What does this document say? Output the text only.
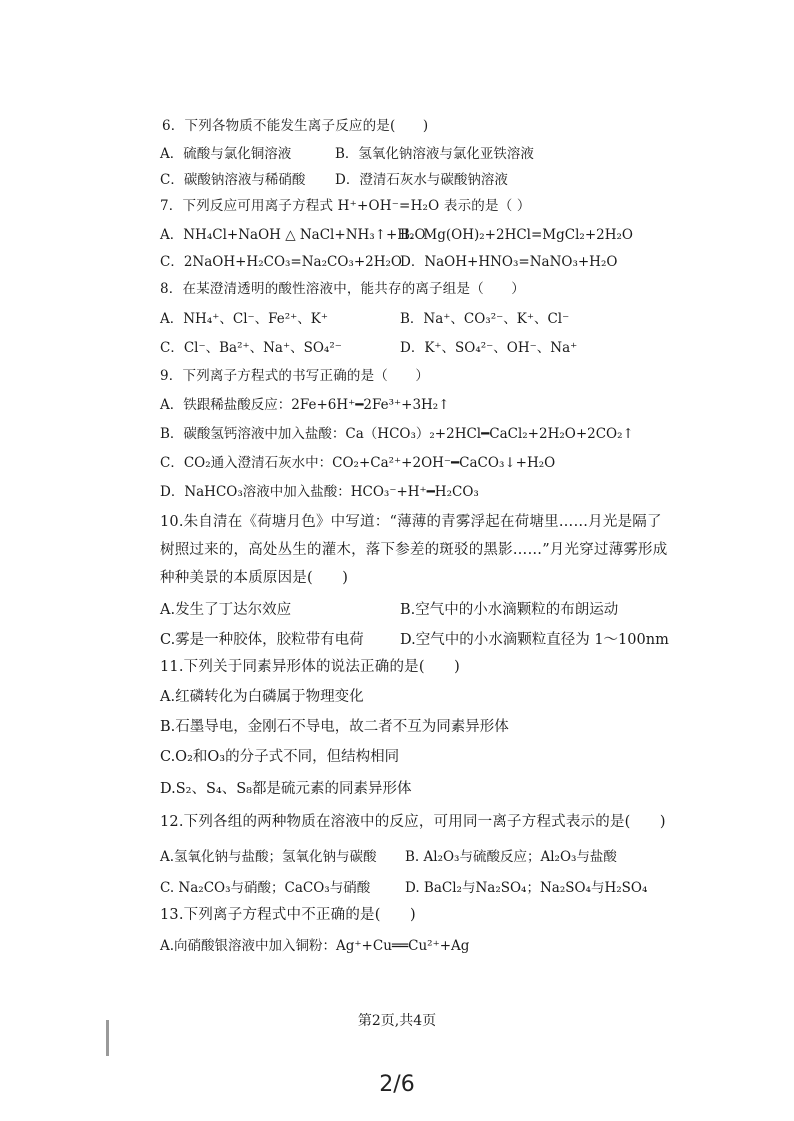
6．下列各物质不能发生离子反应的是(　　)
A．硫酸与氯化铜溶液	B．氢氧化钠溶液与氯化亚铁溶液
C．碳酸钠溶液与稀硝酸 D．澄清石灰水与碳酸钠溶液
7．下列反应可用离子方程式 H⁺+OH⁻=H₂O 表示的是（ ）
A．NH₄Cl+NaOH △ NaCl+NH₃↑+H₂O
B．Mg(OH)₂+2HCl=MgCl₂+2H₂O
C．2NaOH+H₂CO₃=Na₂CO₃+2H₂O
D．NaOH+HNO₃=NaNO₃+H₂O
8．在某澄清透明的酸性溶液中，能共存的离子组是（　　）
A．NH₄⁺、Cl⁻、Fe²⁺、K⁺	B．Na⁺、CO₃²⁻、K⁺、Cl⁻
C．Cl⁻、Ba²⁺、Na⁺、SO₄²⁻	D．K⁺、SO₄²⁻、OH⁻、Na⁺
9．下列离子方程式的书写正确的是（　　）
A．铁跟稀盐酸反应：2Fe+6H⁺━2Fe³⁺+3H₂↑
B．碳酸氢钙溶液中加入盐酸：Ca（HCO₃）₂+2HCl━CaCl₂+2H₂O+2CO₂↑
C．CO₂通入澄清石灰水中：CO₂+Ca²⁺+2OH⁻━CaCO₃↓+H₂O
D．NaHCO₃溶液中加入盐酸：HCO₃⁻+H⁺━H₂CO₃
10.朱自清在《荷塘月色》中写道：“薄薄的青雾浮起在荷塘里……月光是隔了
树照过来的，高处丛生的灌木，落下参差的斑驳的黑影……”月光穿过薄雾形成
种种美景的本质原因是(　　)
A.发生了丁达尔效应	B.空气中的小水滴颗粒的布朗运动
C.雾是一种胶体，胶粒带有电荷	D.空气中的小水滴颗粒直径为 1～100nm
11.下列关于同素异形体的说法正确的是(　　)
A.红磷转化为白磷属于物理变化
B.石墨导电，金刚石不导电，故二者不互为同素异形体
C.O₂和O₃的分子式不同，但结构相同
D.S₂、S₄、S₈都是硫元素的同素异形体
12.下列各组的两种物质在溶液中的反应，可用同一离子方程式表示的是(　　)
A.氢氧化钠与盐酸；氢氧化钠与碳酸 B. Al₂O₃与硫酸反应；Al₂O₃与盐酸
C. Na₂CO₃与硝酸；CaCO₃与硝酸	D. BaCl₂与Na₂SO₄；Na₂SO₄与H₂SO₄
13.下列离子方程式中不正确的是(　　)
A.向硝酸银溶液中加入铜粉：Ag⁺+Cu══Cu²⁺+Ag
第2页,共4页
2/6
